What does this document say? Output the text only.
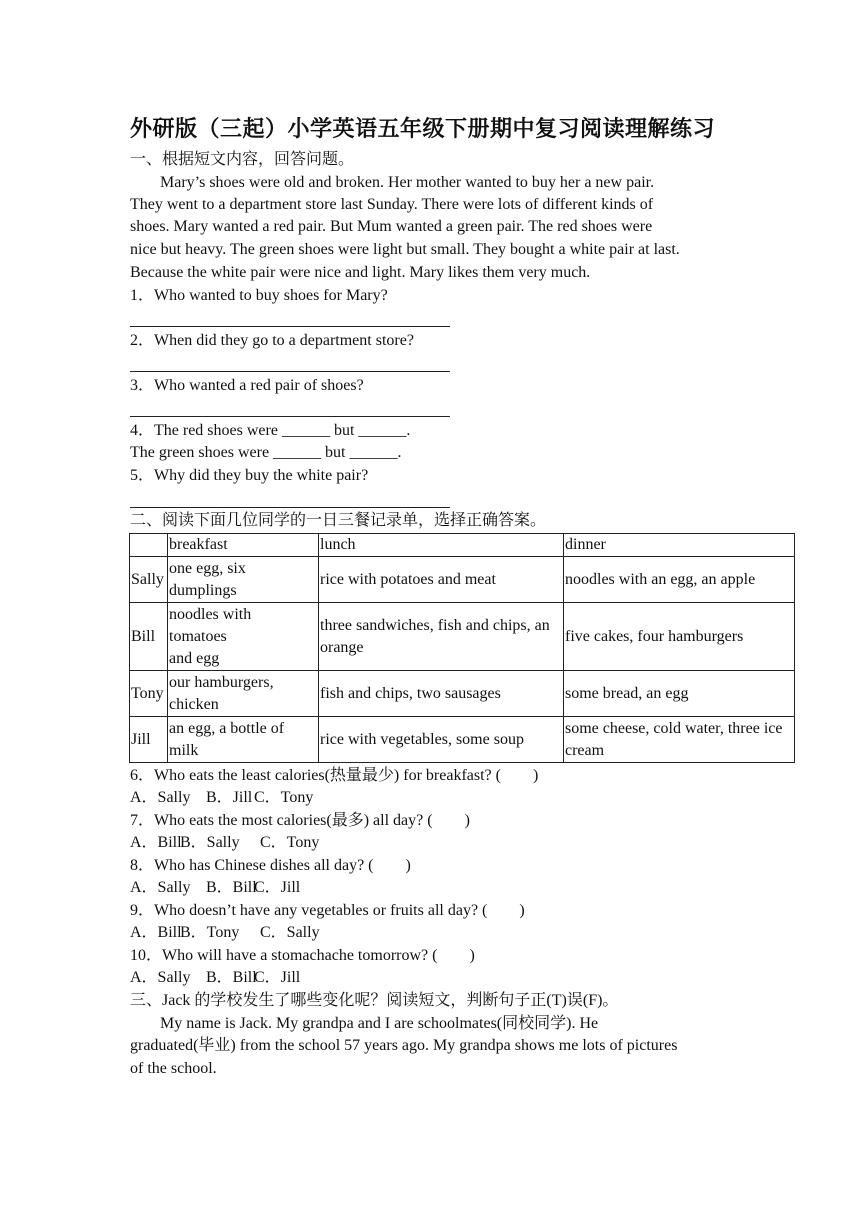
外研版（三起）小学英语五年级下册期中复习阅读理解练习
一、根据短文内容，回答问题。
Mary’s shoes were old and broken. Her mother wanted to buy her a new pair.
They went to a department store last Sunday. There were lots of different kinds of
shoes. Mary wanted a red pair. But Mum wanted a green pair. The red shoes were
nice but heavy. The green shoes were light but small. They bought a white pair at last.
Because the white pair were nice and light. Mary likes them very much.
1．Who wanted to buy shoes for Mary?
2．When did they go to a department store?
3．Who wanted a red pair of shoes?
4．The red shoes were ______ but ______.
The green shoes were ______ but ______.
5．Why did they buy the white pair?
二、阅读下面几位同学的一日三餐记录单，选择正确答案。
	breakfast	lunch	dinner
Sally	one egg, six dumplings	rice with potatoes and meat	noodles with an egg, an apple
Bill	noodles with
tomatoes
and egg	three sandwiches, fish and chips, an orange	five cakes, four hamburgers
Tony	our hamburgers, chicken	fish and chips, two sausages	some bread, an egg
Jill	an egg, a bottle of milk	rice with vegetables, some soup	some cheese, cold water, three ice cream
6．Who eats the least calories(热量最少) for breakfast? (　　)
A．Sally B．Jill C．Tony
7．Who eats the most calories(最多) all day? (　　)
A．BillB．Sally C．Tony
8．Who has Chinese dishes all day? (　　)
A．Sally B．BillC．Jill
9．Who doesn’t have any vegetables or fruits all day? (　　)
A．BillB．Tony C．Sally
10．Who will have a stomachache tomorrow? (　　)
A．Sally B．BillC．Jill
三、Jack 的学校发生了哪些变化呢？阅读短文，判断句子正(T)误(F)。
My name is Jack. My grandpa and I are schoolmates(同校同学). He
graduated(毕业) from the school 57 years ago. My grandpa shows me lots of pictures
of the school.
